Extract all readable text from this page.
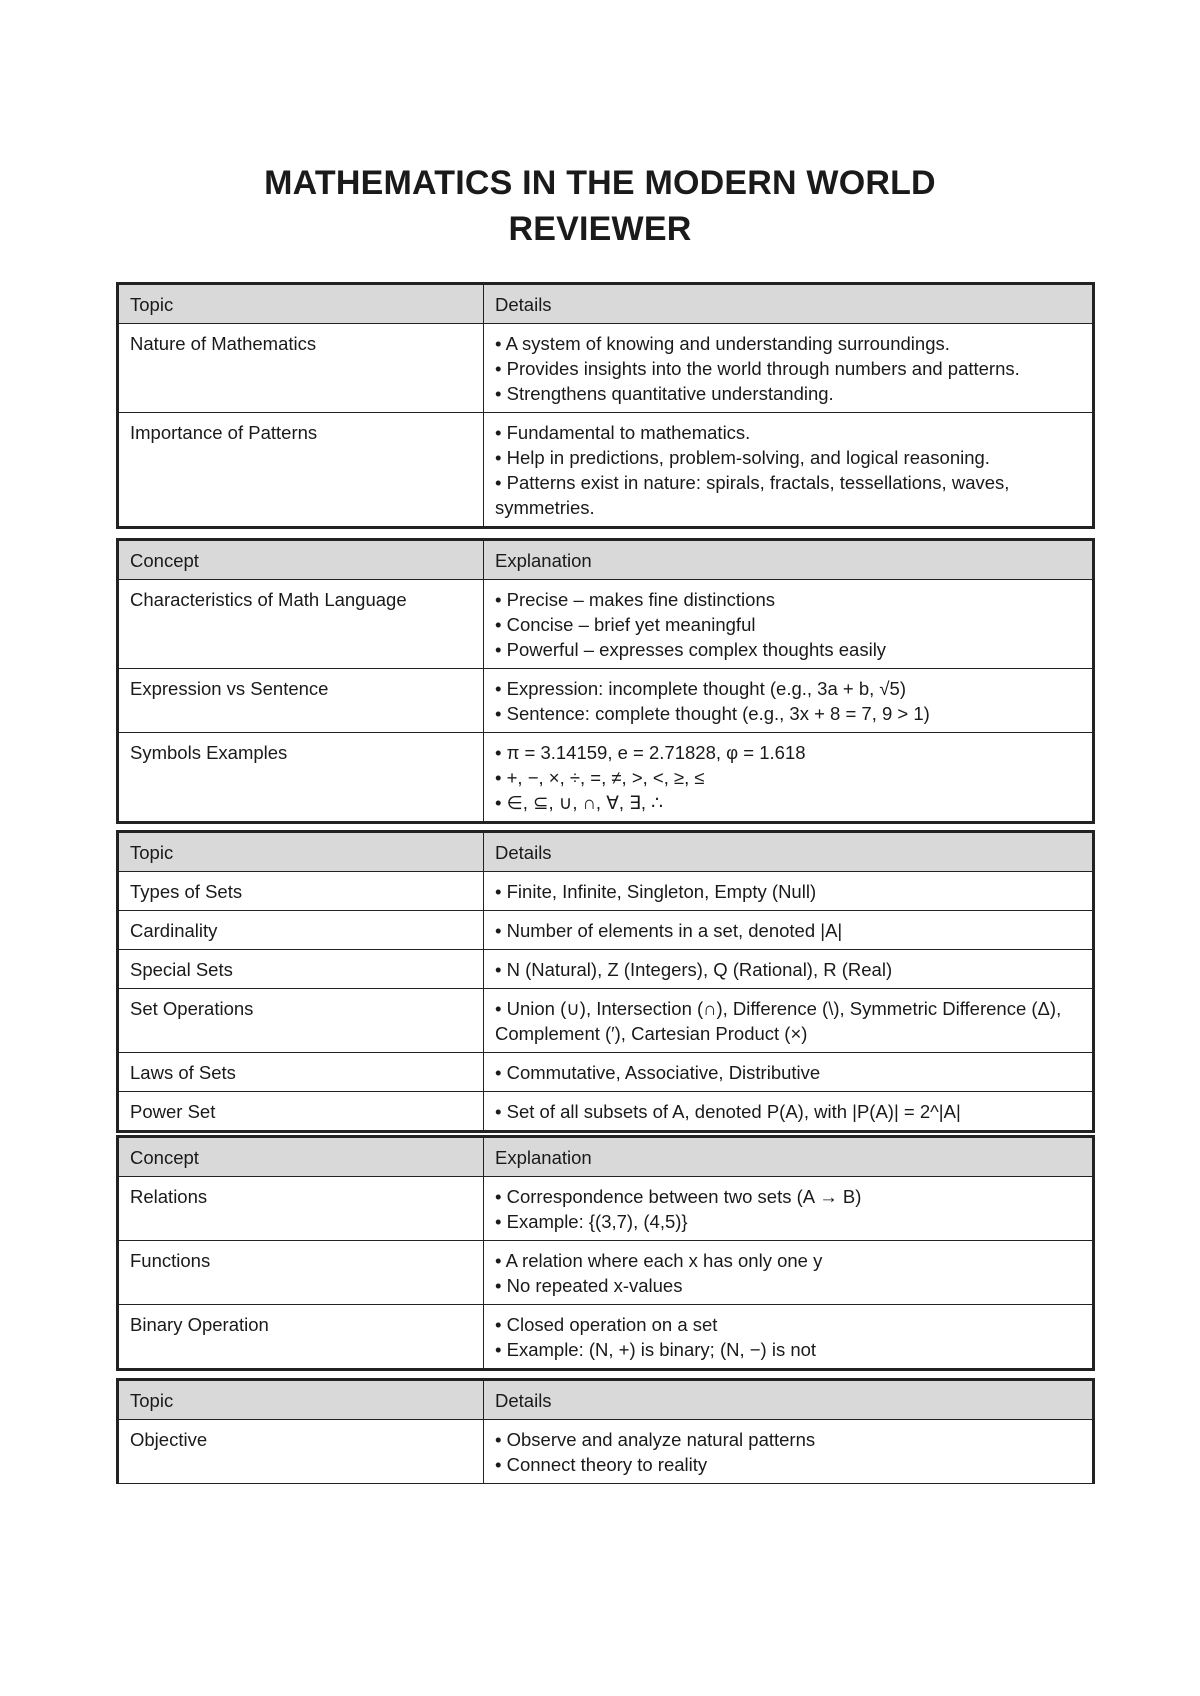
MATHEMATICS IN THE MODERN WORLD
REVIEWER
Topic	Details
Nature of Mathematics	• A system of knowing and understanding surroundings.
• Provides insights into the world through numbers and patterns.
• Strengthens quantitative understanding.

Importance of Patterns	• Fundamental to mathematics.
• Help in predictions, problem-solving, and logical reasoning.
• Patterns exist in nature: spirals, fractals, tessellations, waves, symmetries.
Concept	Explanation
Characteristics of Math Language	• Precise – makes fine distinctions
• Concise – brief yet meaningful
• Powerful – expresses complex thoughts easily

Expression vs Sentence	• Expression: incomplete thought (e.g., 3a + b, √5)
• Sentence: complete thought (e.g., 3x + 8 = 7, 9 > 1)

Symbols Examples	• π = 3.14159, e = 2.71828, φ = 1.618
• +, −, ×, ÷, =, ≠, >, <, ≥, ≤
• ∈, ⊆, ∪, ∩, ∀, ∃, ∴
Topic	Details
Types of Sets	• Finite, Infinite, Singleton, Empty (Null)

Cardinality	• Number of elements in a set, denoted |A|

Special Sets	• N (Natural), Z (Integers), Q (Rational), R (Real)

Set Operations	• Union (∪), Intersection (∩), Difference (\), Symmetric Difference (Δ), Complement (′), Cartesian Product (×)

Laws of Sets	• Commutative, Associative, Distributive

Power Set	• Set of all subsets of A, denoted P(A), with |P(A)| = 2^|A|
Concept	Explanation
Relations	• Correspondence between two sets (A → B)
• Example: {(3,7), (4,5)}

Functions	• A relation where each x has only one y
• No repeated x-values

Binary Operation	• Closed operation on a set
• Example: (N, +) is binary; (N, −) is not
Topic	Details
Objective	• Observe and analyze natural patterns
• Connect theory to reality
